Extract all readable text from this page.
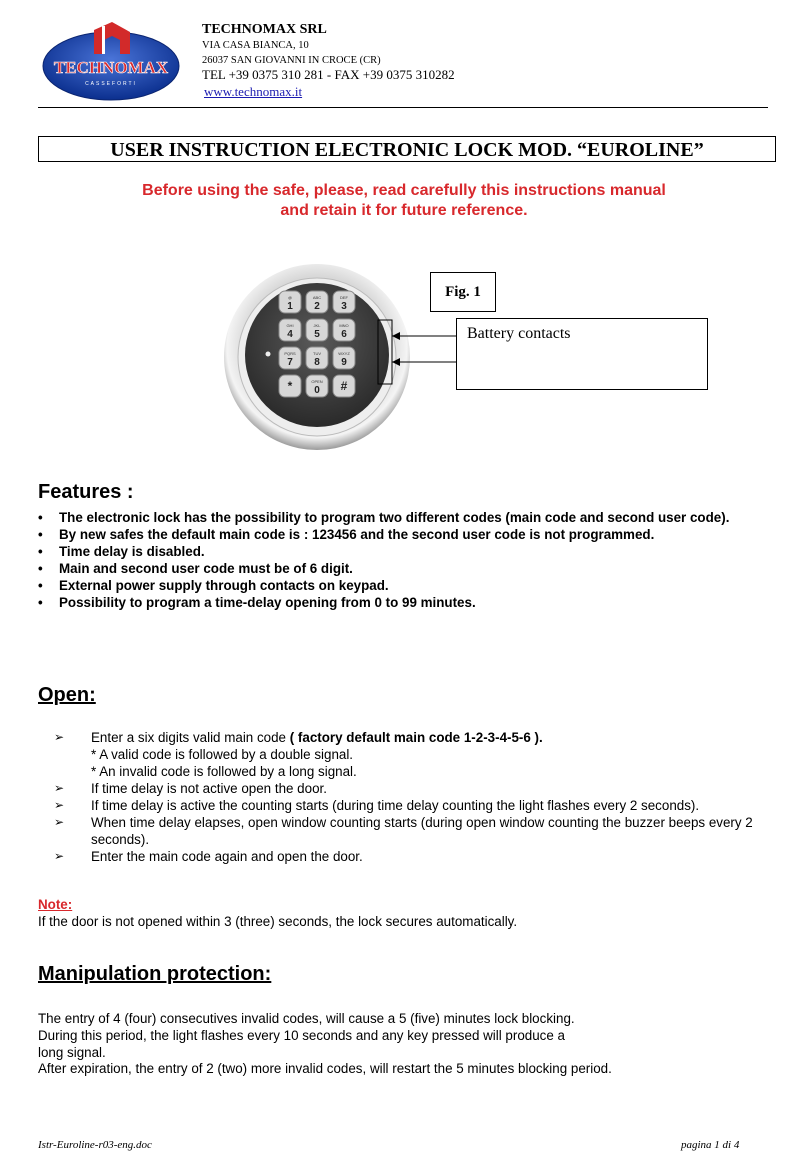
TECHNOMAX
CASSEFORTI
TECHNOMAX SRL
VIA CASA BIANCA, 10
26037 SAN GIOVANNI IN CROCE (CR)
TEL +39 0375 310 281 - FAX +39 0375 310282
www.technomax.it
USER INSTRUCTION ELECTRONIC LOCK MOD. “EUROLINE”
Before using the safe, please, read carefully this instructions manual
and retain it for future reference.
@
1
ABC
2
DEF
3
GHI
4
JKL
5
MNO
6
PQRS
7
TUV
8
WXYZ
9
*	OPEN
0 #
Fig. 1
Battery contacts
Features :
• The electronic lock has the possibility to program two different codes (main code and second user code).
• By new safes the default main code is : 123456 and the second user code is not programmed.
• Time delay is disabled.
• Main and second user code must be of 6 digit.
• External power supply through contacts on keypad.
• Possibility to program a time-delay opening from 0 to 99 minutes.
Open:
➢ Enter a six digits valid main code ( factory default main code 1-2-3-4-5-6 ).
* A valid code is followed by a double signal.
* An invalid code is followed by a long signal.
➢ If time delay is not active open the door.
➢ If time delay is active the counting starts (during time delay counting the light flashes every 2 seconds).
➢ When time delay elapses, open window counting starts (during open window counting the buzzer beeps every 2 seconds).
➢ Enter the main code again and open the door.
Note:
If the door is not opened within 3 (three) seconds, the lock secures automatically.
Manipulation protection:
The entry of 4 (four) consecutives invalid codes, will cause a 5 (five) minutes lock blocking.
During this period, the light flashes every 10 seconds and any key pressed will produce a
long signal.
After expiration, the entry of 2 (two) more invalid codes, will restart the 5 minutes blocking period.
Istr-Euroline-r03-eng.doc	pagina 1 di 4
